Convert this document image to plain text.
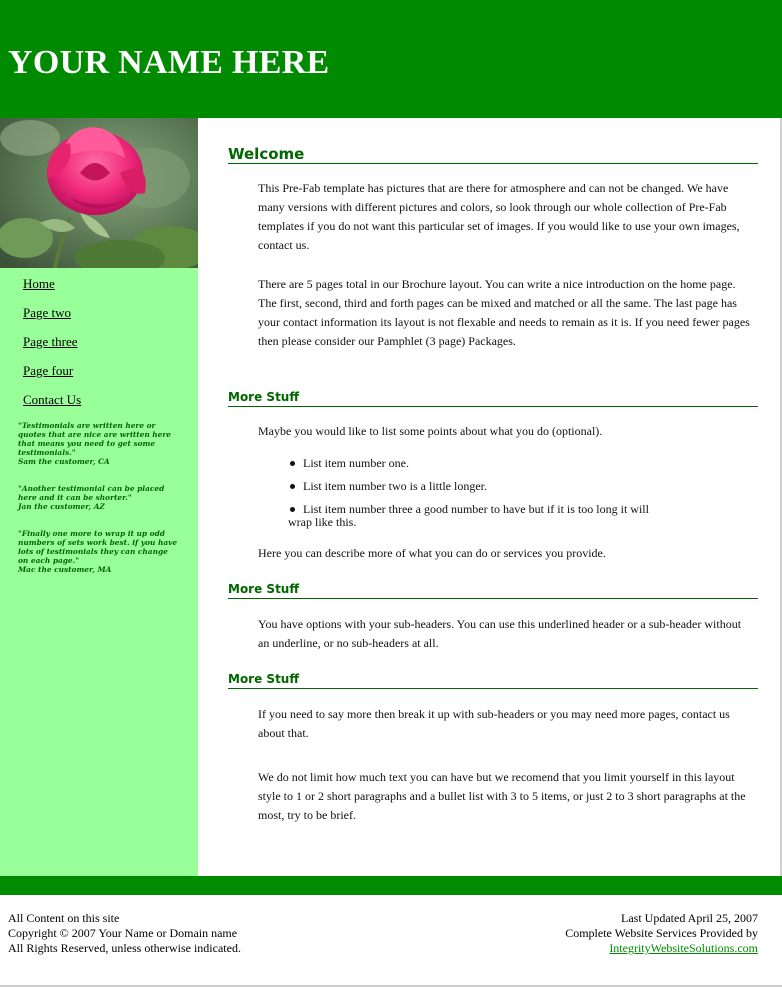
YOUR NAME HERE
Home
Page two
Page three
Page four
Contact Us
"Testimonials are written here or quotes that are nice are written here that means you need to get some testimonials."
Sam the customer, CA
"Another testimonial can be placed here and it can be shorter."
Jan the customer, AZ
"Finally one more to wrap it up odd numbers of sets work best. if you have lots of testimonials they can change on each page."
Mac the customer, MA
Welcome
This Pre-Fab template has pictures that are there for atmosphere and can not be changed. We have many versions with different pictures and colors, so look through our whole collection of Pre-Fab templates if you do not want this particular set of images. If you would like to use your own images, contact us.
There are 5 pages total in our Brochure layout. You can write a nice introduction on the home page. The first, second, third and forth pages can be mixed and matched or all the same. The last page has your contact information its layout is not flexable and needs to remain as it is. If you need fewer pages then please consider our Pamphlet (3 page) Packages.
More Stuff
Maybe you would like to list some points about what you do (optional).
List item number one.
List item number two is a little longer.
List item number three a good number to have but if it is too long it will
wrap like this.
Here you can describe more of what you can do or services you provide.
More Stuff
You have options with your sub-headers. You can use this underlined header or a sub-header without an underline, or no sub-headers at all.
More Stuff
If you need to say more then break it up with sub-headers or you may need more pages, contact us about that.
We do not limit how much text you can have but we recomend that you limit yourself in this layout style to 1 or 2 short paragraphs and a bullet list with 3 to 5 items, or just 2 to 3 short paragraphs at the most, try to be brief.
All Content on this site
Copyright © 2007 Your Name or Domain name
All Rights Reserved, unless otherwise indicated.
Last Updated April 25, 2007
Complete Website Services Provided by
IntegrityWebsiteSolutions.com
